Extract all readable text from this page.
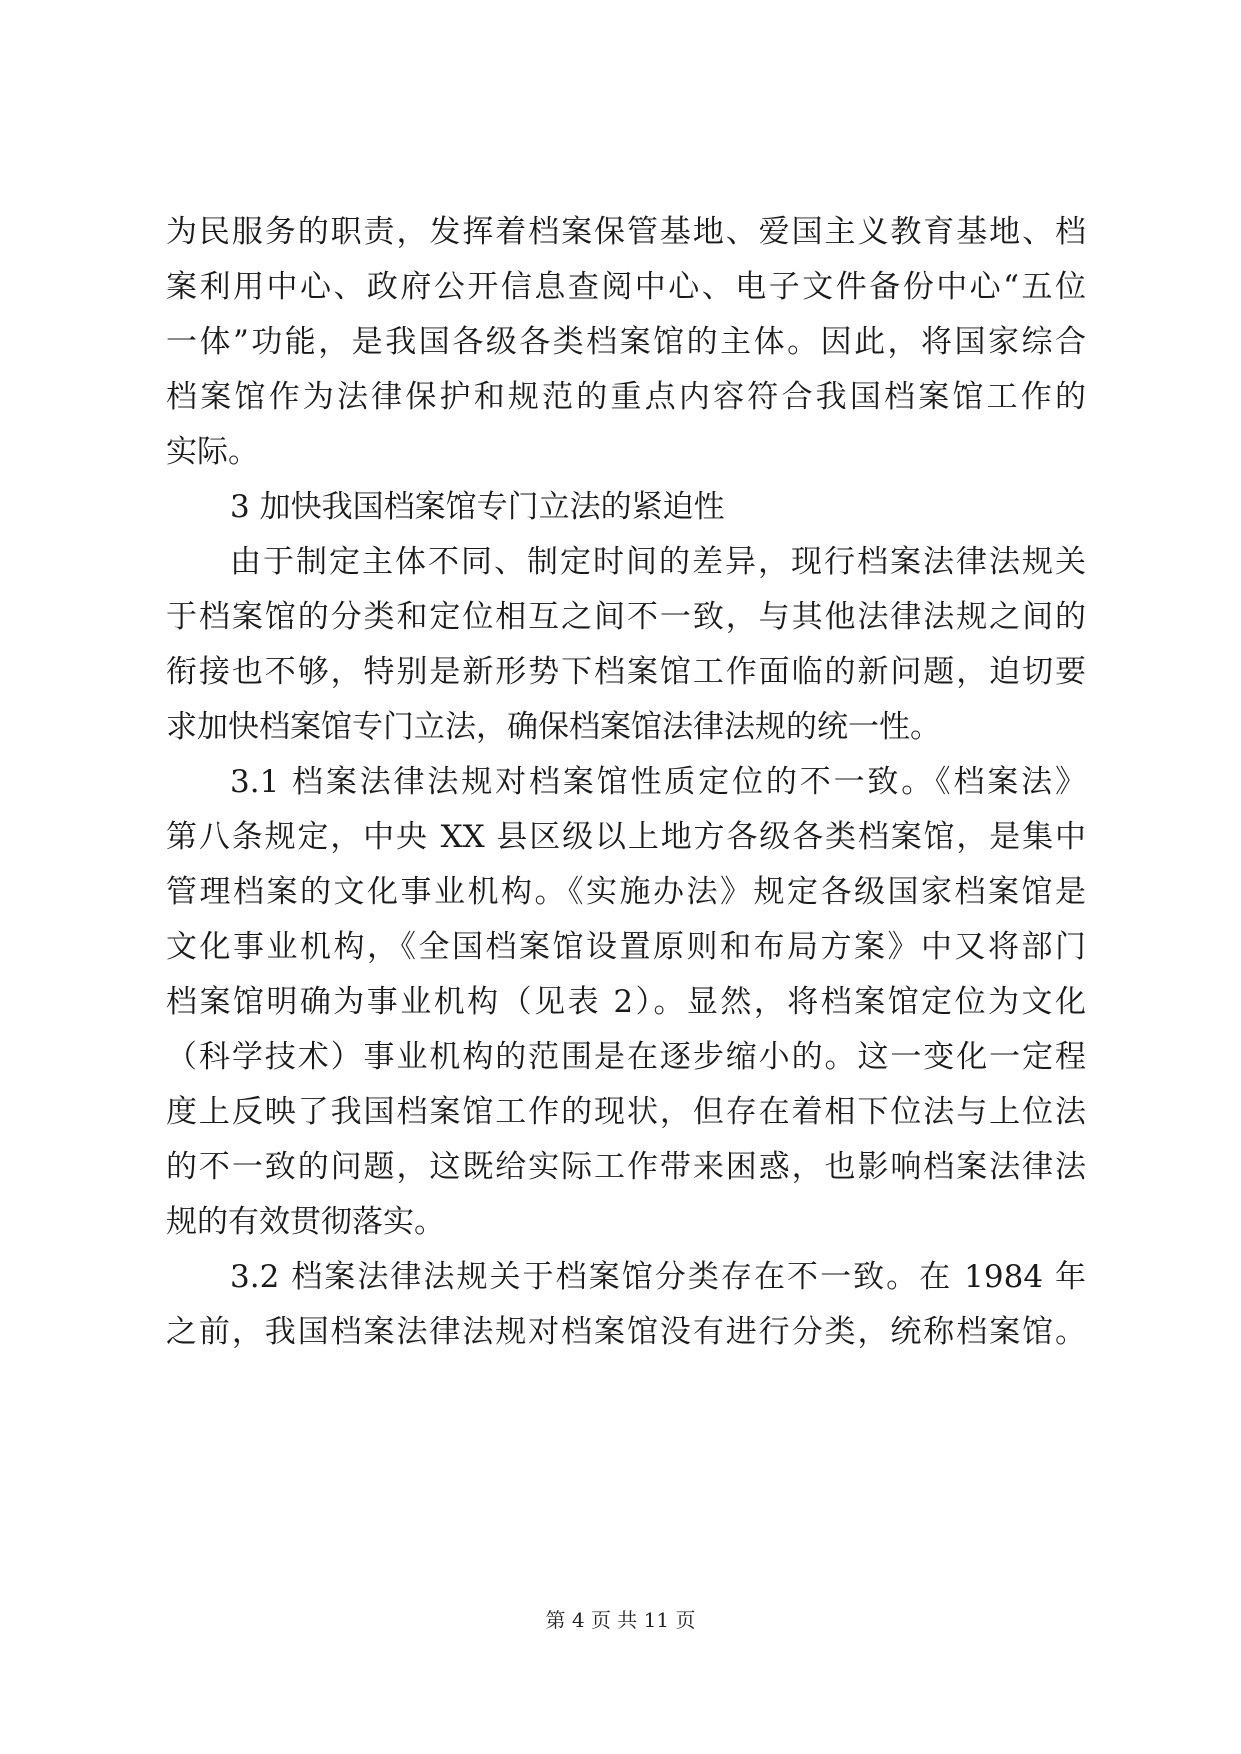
为民服务的职责，发挥着档案保管基地、爱国主义教育基地、档
案利用中心、政府公开信息查阅中心、电子文件备份中心“五位
一体”功能，是我国各级各类档案馆的主体。因此，将国家综合
档案馆作为法律保护和规范的重点内容符合我国档案馆工作的
实际。
3 加快我国档案馆专门立法的紧迫性
由于制定主体不同、制定时间的差异，现行档案法律法规关
于档案馆的分类和定位相互之间不一致，与其他法律法规之间的
衔接也不够，特别是新形势下档案馆工作面临的新问题，迫切要
求加快档案馆专门立法，确保档案馆法律法规的统一性。
3.1 档案法律法规对档案馆性质定位的不一致。《档案法》
第八条规定，中央 XX 县区级以上地方各级各类档案馆，是集中
管理档案的文化事业机构。《实施办法》规定各级国家档案馆是
文化事业机构，《全国档案馆设置原则和布局方案》中又将部门
档案馆明确为事业机构（见表 2）。显然，将档案馆定位为文化
（科学技术）事业机构的范围是在逐步缩小的。这一变化一定程
度上反映了我国档案馆工作的现状，但存在着相下位法与上位法
的不一致的问题，这既给实际工作带来困惑，也影响档案法律法
规的有效贯彻落实。
3.2 档案法律法规关于档案馆分类存在不一致。在 1984 年
之前，我国档案法律法规对档案馆没有进行分类，统称档案馆。
第 4 页 共 11 页
